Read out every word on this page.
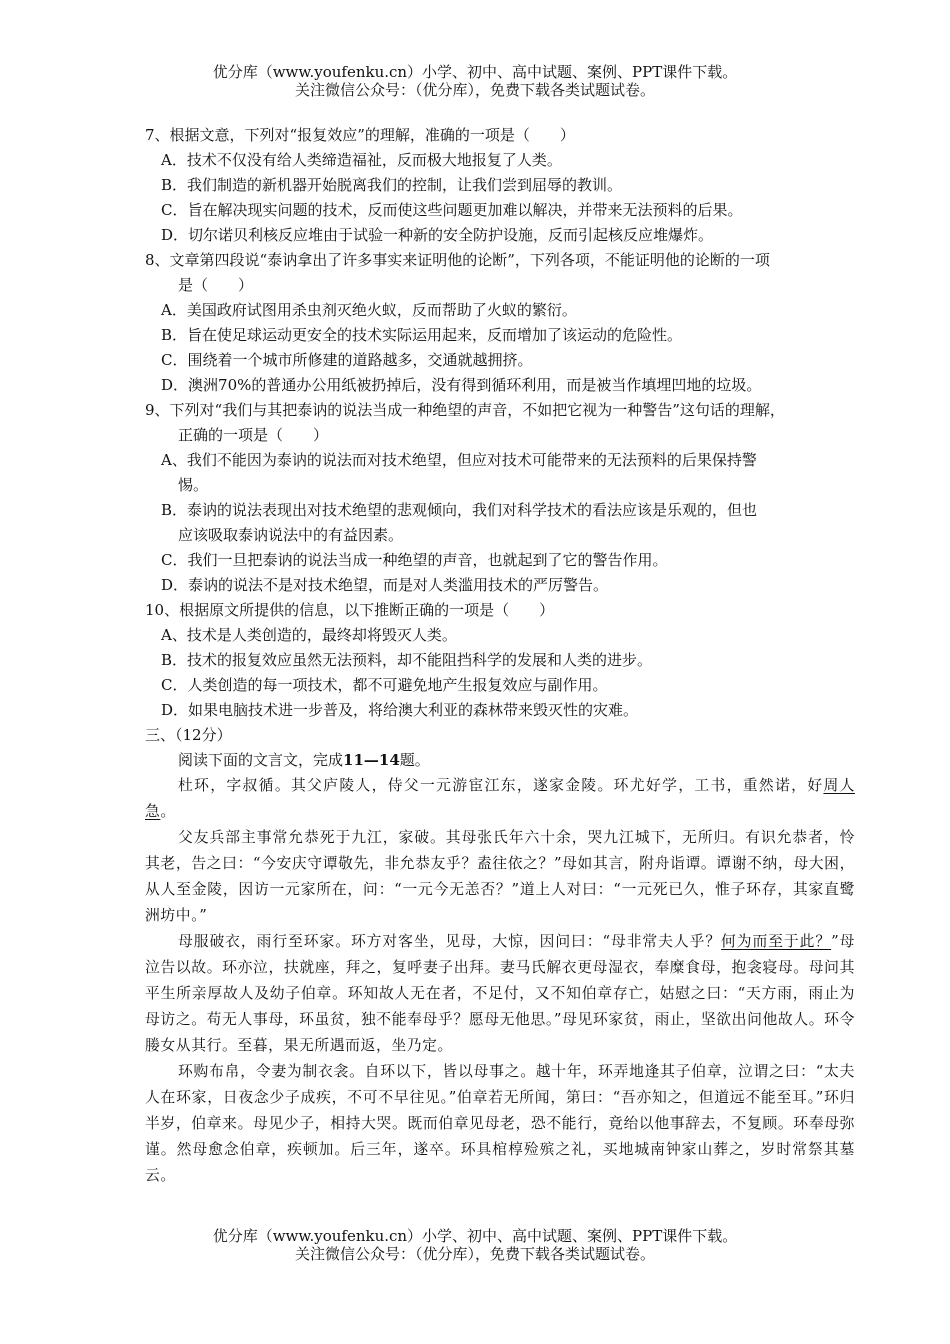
优分库（www.youfenku.cn）小学、初中、高中试题、案例、PPT课件下载。
关注微信公众号：（优分库），免费下载各类试题试卷。
7、根据文意，下列对“报复效应”的理解，准确的一项是（　　）
A．技术不仅没有给人类缔造福祉，反而极大地报复了人类。
B．我们制造的新机器开始脱离我们的控制，让我们尝到屈辱的教训。
C．旨在解决现实问题的技术，反而使这些问题更加难以解决，并带来无法预料的后果。
D．切尔诺贝利核反应堆由于试验一种新的安全防护设施，反而引起核反应堆爆炸。
8、文章第四段说“泰讷拿出了许多事实来证明他的论断”，下列各项，不能证明他的论断的一项
是（　　）
A．美国政府试图用杀虫剂灭绝火蚁，反而帮助了火蚁的繁衍。
B．旨在使足球运动更安全的技术实际运用起来，反而增加了该运动的危险性。
C．围绕着一个城市所修建的道路越多，交通就越拥挤。
D．澳洲70%的普通办公用纸被扔掉后，没有得到循环利用，而是被当作填埋凹地的垃圾。
9、下列对“我们与其把泰讷的说法当成一种绝望的声音，不如把它视为一种警告”这句话的理解，
正确的一项是（　　）
A、我们不能因为泰讷的说法而对技术绝望，但应对技术可能带来的无法预料的后果保持警
惕。
B．泰讷的说法表现出对技术绝望的悲观倾向，我们对科学技术的看法应该是乐观的，但也
应该吸取泰讷说法中的有益因素。
C．我们一旦把泰讷的说法当成一种绝望的声音，也就起到了它的警告作用。
D．泰讷的说法不是对技术绝望，而是对人类滥用技术的严厉警告。
10、根据原文所提供的信息，以下推断正确的一项是（　　）
A、技术是人类创造的，最终却将毁灭人类。
B．技术的报复效应虽然无法预料，却不能阻挡科学的发展和人类的进步。
C．人类创造的每一项技术，都不可避免地产生报复效应与副作用。
D．如果电脑技术进一步普及，将给澳大利亚的森林带来毁灭性的灾难。
三、（12分）
阅读下面的文言文，完成11—14题。
杜环，字叔循。其父庐陵人，侍父一元游宦江东，遂家金陵。环尤好学，工书，重然诺，好周人急。
父友兵部主事常允恭死于九江，家破。其母张氏年六十余，哭九江城下，无所归。有识允恭者，怜其老，告之曰：“今安庆守谭敬先，非允恭友乎？盍往依之？”母如其言，附舟诣谭。谭谢不纳，母大困，从人至金陵，因访一元家所在，问：“一元今无恙否？”道上人对曰：“一元死已久，惟子环存，其家直鹭洲坊中。”
母服破衣，雨行至环家。环方对客坐，见母，大惊，因问曰：“母非常夫人乎？何为而至于此？”母泣告以故。环亦泣，扶就座，拜之，复呼妻子出拜。妻马氏解衣更母湿衣，奉糜食母，抱衾寝母。母问其平生所亲厚故人及幼子伯章。环知故人无在者，不足付，又不知伯章存亡，姑慰之曰：“天方雨，雨止为母访之。苟无人事母，环虽贫，独不能奉母乎？愿母无他思。”母见环家贫，雨止，坚欲出问他故人。环令媵女从其行。至暮，果无所遇而返，坐乃定。
环购布帛，令妻为制衣衾。自环以下，皆以母事之。越十年，环弄地逢其子伯章，泣谓之曰：“太夫人在环家，日夜念少子成疾，不可不早往见。”伯章若无所闻，第曰：“吾亦知之，但道远不能至耳。”环归半岁，伯章来。母见少子，相持大哭。既而伯章见母老，恐不能行，竟绐以他事辞去，不复顾。环奉母弥谨。然母愈念伯章，疾顿加。后三年，遂卒。环具棺椁殓殡之礼，买地城南钟家山葬之，岁时常祭其墓云。
优分库（www.youfenku.cn）小学、初中、高中试题、案例、PPT课件下载。
关注微信公众号：（优分库），免费下载各类试题试卷。
